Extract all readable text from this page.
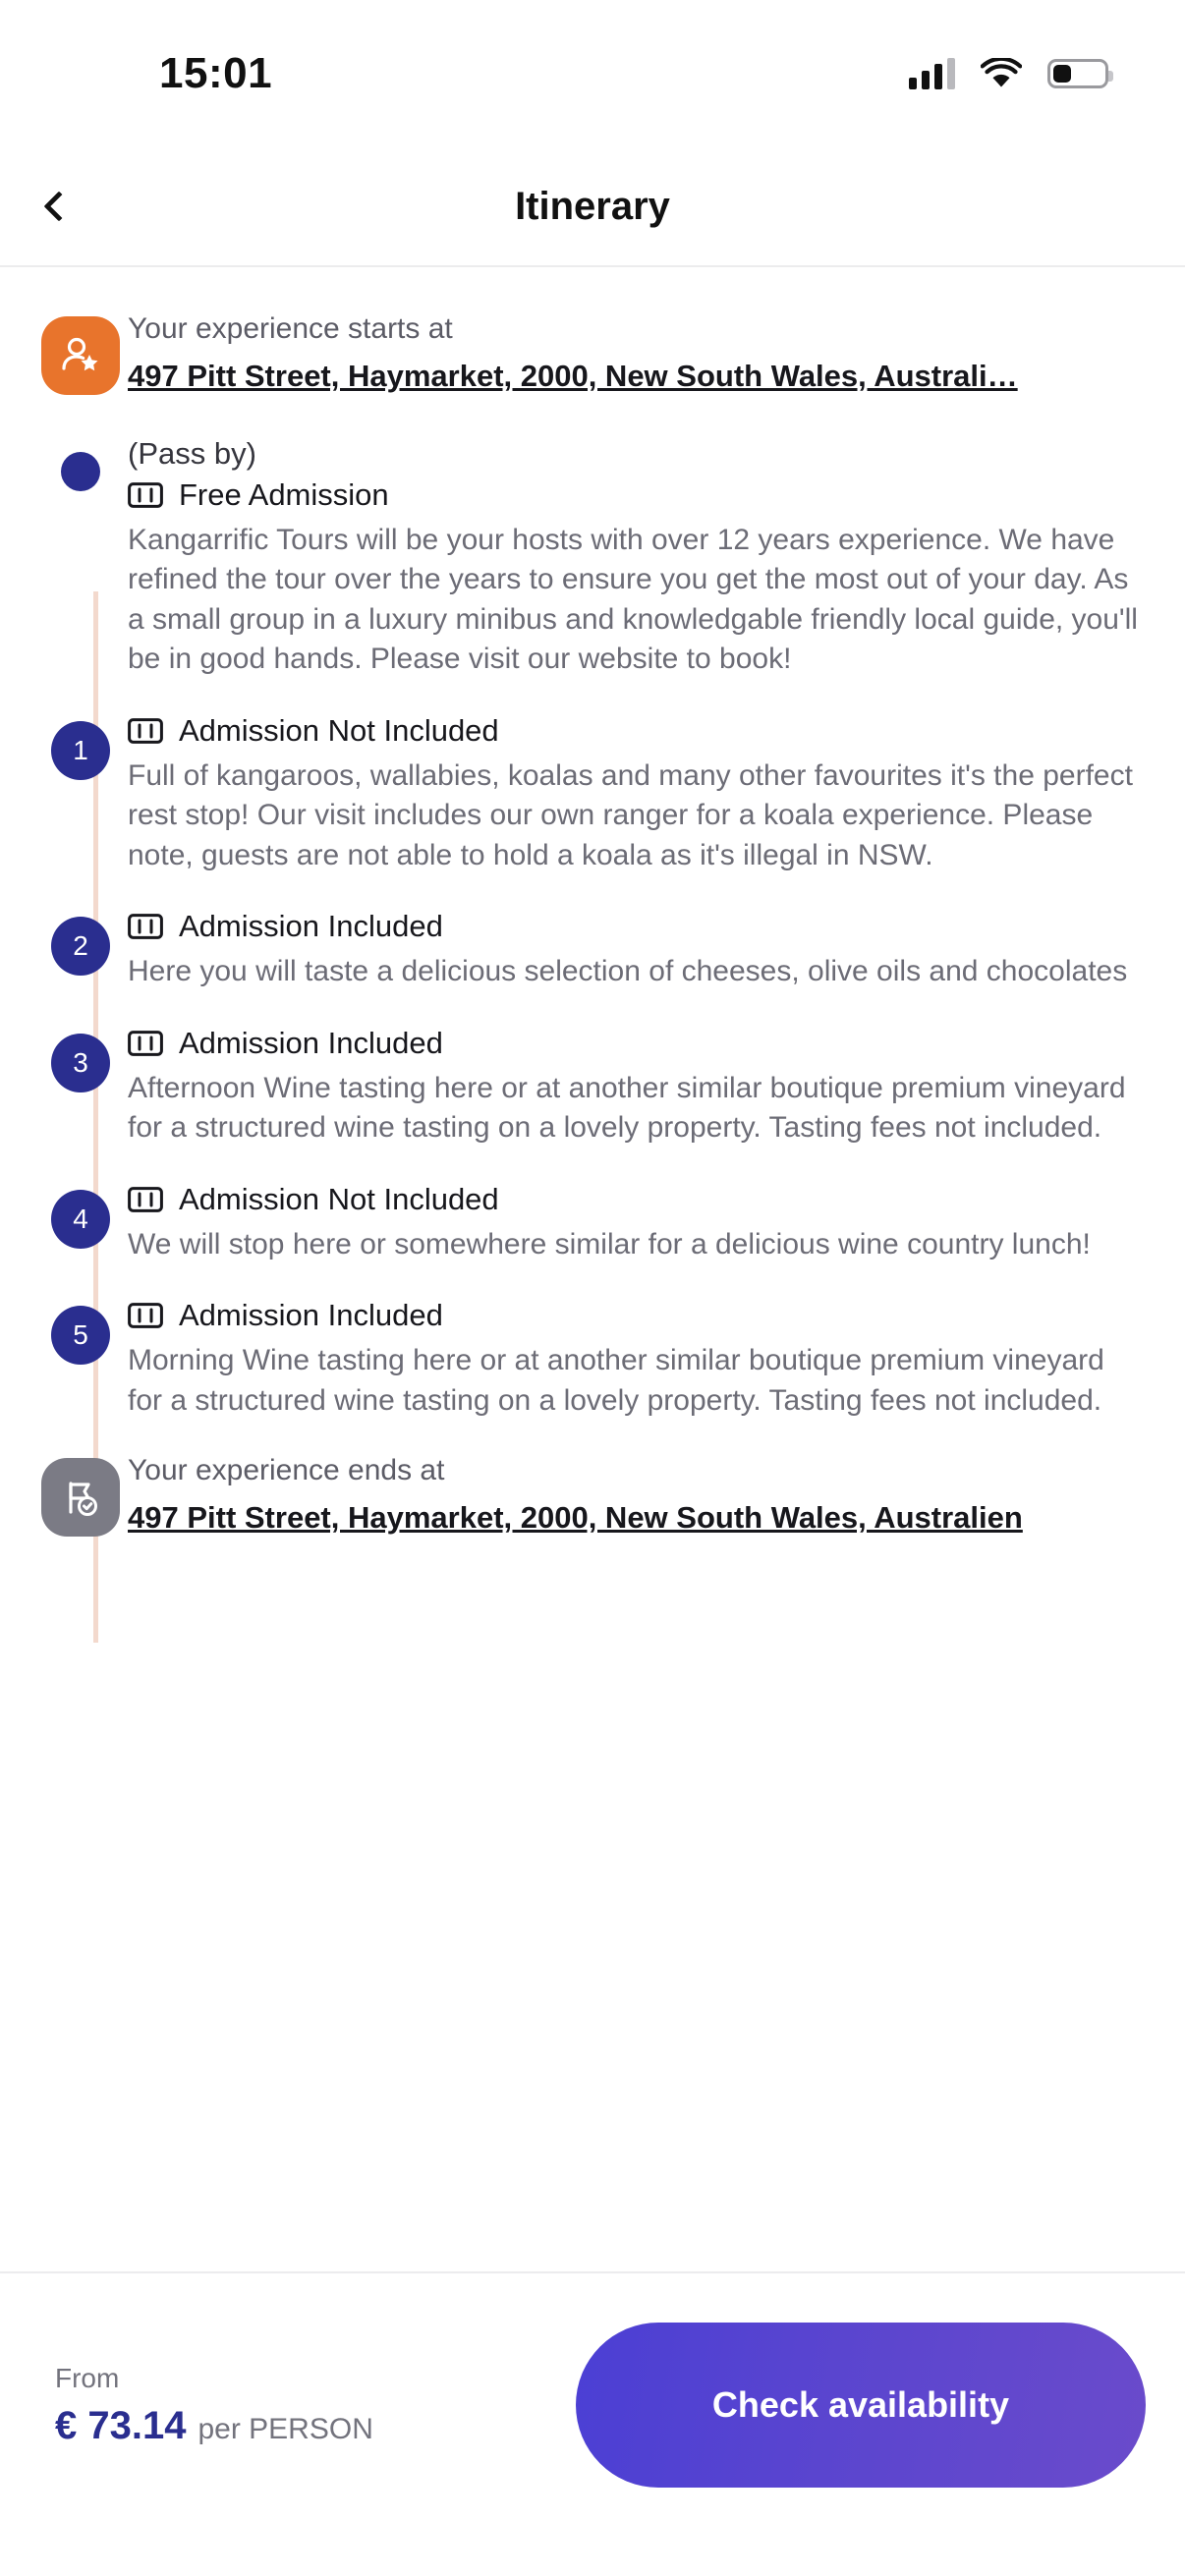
15:01
Itinerary
Your experience starts at
497 Pitt Street, Haymarket, 2000, New South Wales, Australi…
(Pass by)
Free Admission
Kangarrific Tours will be your hosts with over 12 years experience. We have refined the tour over the years to ensure you get the most out of your day. As a small group in a luxury minibus and knowledgable friendly local guide, you'll be in good hands. Please visit our website to book!
1
Admission Not Included
Full of kangaroos, wallabies, koalas and many other favourites it's the perfect rest stop! Our visit includes our own ranger for a koala experience. Please note, guests are not able to hold a koala as it's illegal in NSW.
2
Admission Included
Here you will taste a delicious selection of cheeses, olive oils and chocolates
3
Admission Included
Afternoon Wine tasting here or at another similar boutique premium vineyard for a structured wine tasting on a lovely property. Tasting fees not included.
4
Admission Not Included
We will stop here or somewhere similar for a delicious wine country lunch!
5
Admission Included
Morning Wine tasting here or at another similar boutique premium vineyard for a structured wine tasting on a lovely property. Tasting fees not included.
Your experience ends at
497 Pitt Street, Haymarket, 2000, New South Wales, Australien
From
€ 73.14 per PERSON
Check availability
